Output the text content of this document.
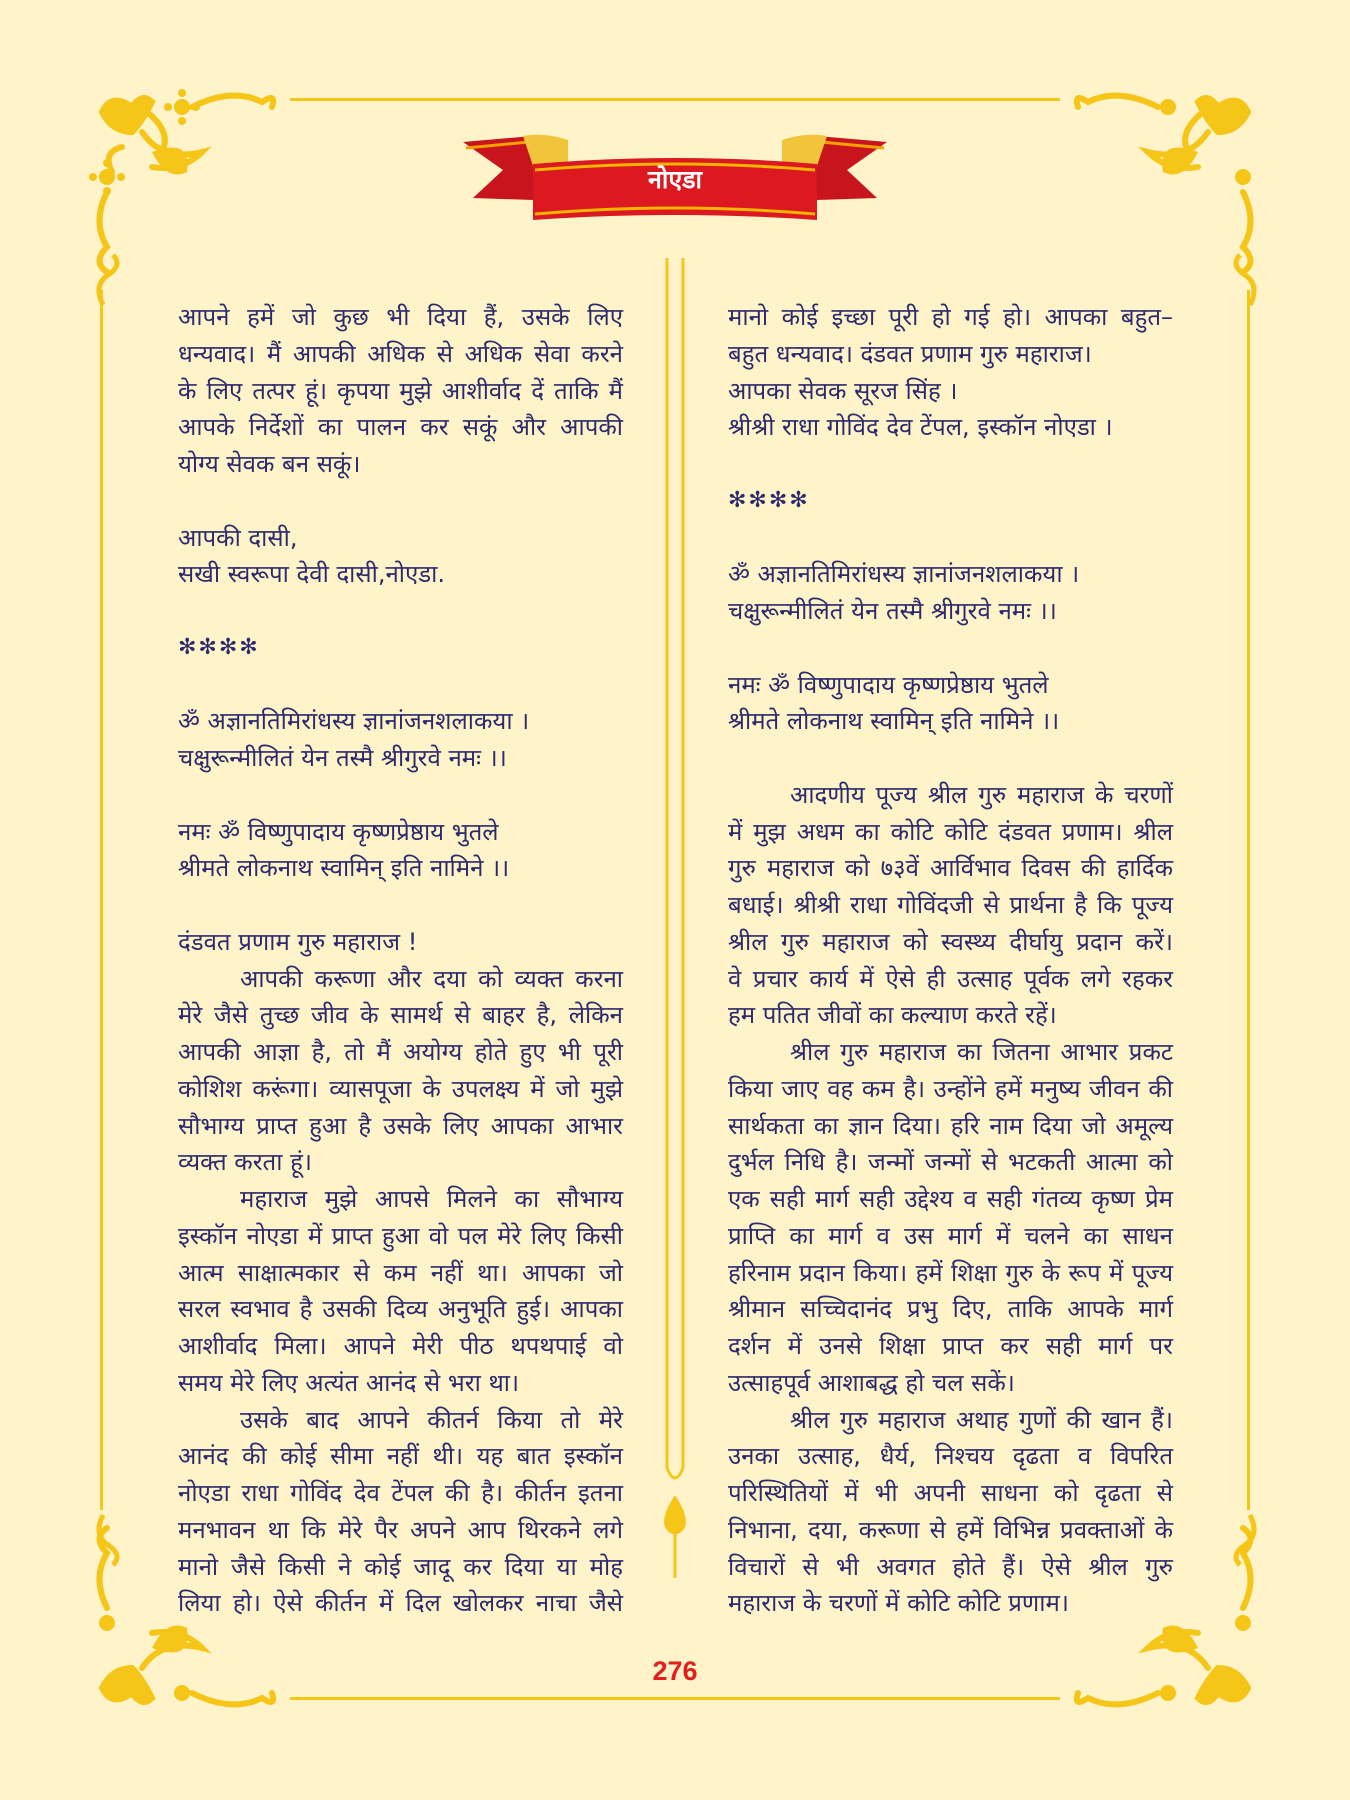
नोएडा
आपने हमें जो कुछ भी दिया हैं, उसके लिए
धन्यवाद। मैं आपकी अधिक से अधिक सेवा करने
के लिए तत्पर हूं। कृपया मुझे आशीर्वाद दें ताकि मैं
आपके निर्देशों का पालन कर सकूं और आपकी
योग्य सेवक बन सकूं।
आपकी दासी,
सखी स्वरूपा देवी दासी,नोएडा.
✻✻✻✻
ॐ अज्ञानतिमिरांधस्य ज्ञानांजनशलाकया ।
चक्षुरून्मीलितं येन तस्मै श्रीगुरवे नमः ।।
नमः ॐ विष्णुपादाय कृष्णप्रेष्ठाय भुतले
श्रीमते लोकनाथ स्वामिन् इति नामिने ।।
दंडवत प्रणाम गुरु महाराज !
आपकी करूणा और दया को व्यक्त करना
मेरे जैसे तुच्छ जीव के सामर्थ से बाहर है, लेकिन
आपकी आज्ञा है, तो मैं अयोग्य होते हुए भी पूरी
कोशिश करूंगा। व्यासपूजा के उपलक्ष्य में जो मुझे
सौभाग्य प्राप्त हुआ है उसके लिए आपका आभार
व्यक्त करता हूं।
महाराज मुझे आपसे मिलने का सौभाग्य
इस्कॉन नोएडा में प्राप्त हुआ वो पल मेरे लिए किसी
आत्म साक्षात्मकार से कम नहीं था। आपका जो
सरल स्वभाव है उसकी दिव्य अनुभूति हुई। आपका
आशीर्वाद मिला। आपने मेरी पीठ थपथपाई वो
समय मेरे लिए अत्यंत आनंद से भरा था।
उसके बाद आपने कीतर्न किया तो मेरे
आनंद की कोई सीमा नहीं थी। यह बात इस्कॉन
नोएडा राधा गोविंद देव टेंपल की है। कीर्तन इतना
मनभावन था कि मेरे पैर अपने आप थिरकने लगे
मानो जैसे किसी ने कोई जादू कर दिया या मोह
लिया हो। ऐसे कीर्तन में दिल खोलकर नाचा जैसे
मानो कोई इच्छा पूरी हो गई हो। आपका बहुत–
बहुत धन्यवाद। दंडवत प्रणाम गुरु महाराज।
आपका सेवक सूरज सिंह ।
श्रीश्री राधा गोविंद देव टेंपल, इस्कॉन नोएडा ।
✻✻✻✻
ॐ अज्ञानतिमिरांधस्य ज्ञानांजनशलाकया ।
चक्षुरून्मीलितं येन तस्मै श्रीगुरवे नमः ।।
नमः ॐ विष्णुपादाय कृष्णप्रेष्ठाय भुतले
श्रीमते लोकनाथ स्वामिन् इति नामिने ।।
आदणीय पूज्य श्रील गुरु महाराज के चरणों
में मुझ अधम का कोटि कोटि दंडवत प्रणाम। श्रील
गुरु महाराज को ७३वें आर्विभाव दिवस की हार्दिक
बधाई। श्रीश्री राधा गोविंदजी से प्रार्थना है कि पूज्य
श्रील गुरु महाराज को स्वस्थ्य दीर्घायु प्रदान करें।
वे प्रचार कार्य में ऐसे ही उत्साह पूर्वक लगे रहकर
हम पतित जीवों का कल्याण करते रहें।
श्रील गुरु महाराज का जितना आभार प्रकट
किया जाए वह कम है। उन्होंने हमें मनुष्य जीवन की
सार्थकता का ज्ञान दिया। हरि नाम दिया जो अमूल्य
दुर्भल निधि है। जन्मों जन्मों से भटकती आत्मा को
एक सही मार्ग सही उद्देश्य व सही गंतव्य कृष्ण प्रेम
प्राप्ति का मार्ग व उस मार्ग में चलने का साधन
हरिनाम प्रदान किया। हमें शिक्षा गुरु के रूप में पूज्य
श्रीमान सच्चिदानंद प्रभु दिए, ताकि आपके मार्ग
दर्शन में उनसे शिक्षा प्राप्त कर सही मार्ग पर
उत्साहपूर्व आशाबद्ध हो चल सकें।
श्रील गुरु महाराज अथाह गुणों की खान हैं।
उनका उत्साह, धैर्य, निश्चय दृढता व विपरित
परिस्थितियों में भी अपनी साधना को दृढता से
निभाना, दया, करूणा से हमें विभिन्न प्रवक्ताओं के
विचारों से भी अवगत होते हैं। ऐसे श्रील गुरु
महाराज के चरणों में कोटि कोटि प्रणाम।
276
